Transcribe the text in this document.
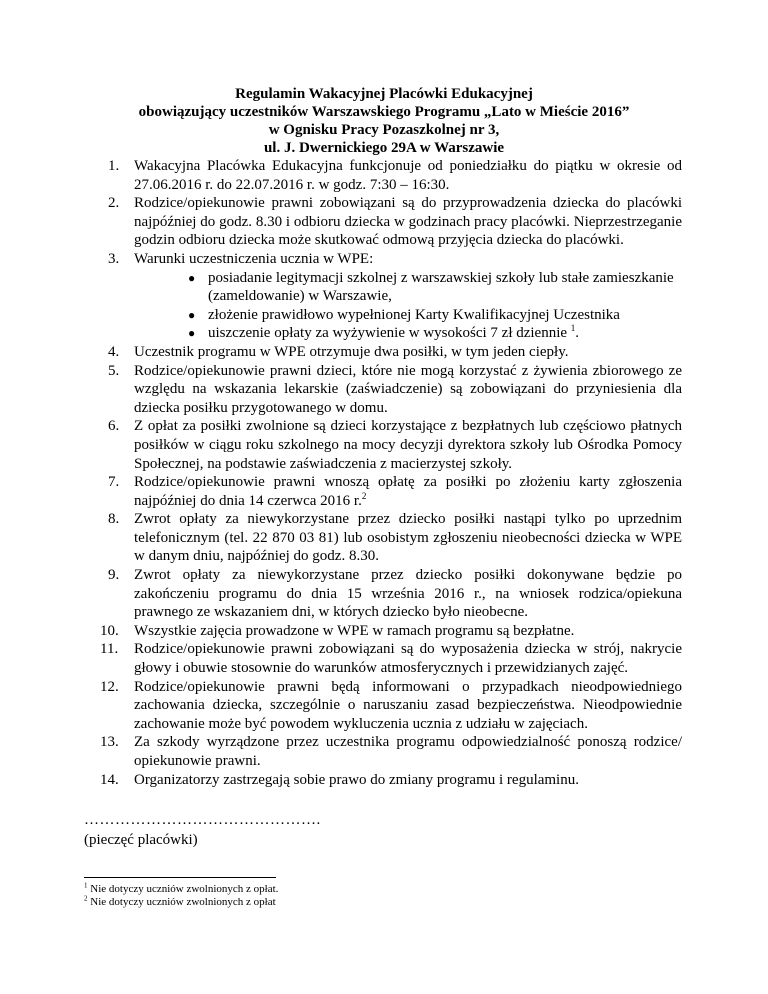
Regulamin Wakacyjnej Placówki Edukacyjnej
obowiązujący uczestników Warszawskiego Programu „Lato w Mieście 2016”
w Ognisku Pracy Pozaszkolnej nr 3,
ul. J. Dwernickiego 29A w Warszawie
1. Wakacyjna Placówka Edukacyjna funkcjonuje od poniedziałku do piątku w okresie od 27.06.2016 r. do 22.07.2016 r. w godz. 7:30 – 16:30.
2. Rodzice/opiekunowie prawni zobowiązani są do przyprowadzenia dziecka do placówki najpóźniej do godz. 8.30 i odbioru dziecka w godzinach pracy placówki. Nieprzestrzeganie godzin odbioru dziecka może skutkować odmową przyjęcia dziecka do placówki.
3. Warunki uczestniczenia ucznia w WPE:
● posiadanie legitymacji szkolnej z warszawskiej szkoły lub stałe zamieszkanie (zameldowanie) w Warszawie,
● złożenie prawidłowo wypełnionej Karty Kwalifikacyjnej Uczestnika
● uiszczenie opłaty za wyżywienie w wysokości 7 zł dziennie $^1$.
4. Uczestnik programu w WPE otrzymuje dwa posiłki, w tym jeden ciepły.
5. Rodzice/opiekunowie prawni dzieci, które nie mogą korzystać z żywienia zbiorowego ze względu na wskazania lekarskie (zaświadczenie) są zobowiązani do przyniesienia dla dziecka posiłku przygotowanego w domu.
6. Z opłat za posiłki zwolnione są dzieci korzystające z bezpłatnych lub częściowo płatnych posiłków w ciągu roku szkolnego na mocy decyzji dyrektora szkoły lub Ośrodka Pomocy Społecznej, na podstawie zaświadczenia z macierzystej szkoły.
7. Rodzice/opiekunowie prawni wnoszą opłatę za posiłki po złożeniu karty zgłoszenia najpóźniej do dnia 14 czerwca 2016 r.$^2$
8. Zwrot opłaty za niewykorzystane przez dziecko posiłki nastąpi tylko po uprzednim telefonicznym (tel. 22 870 03 81) lub osobistym zgłoszeniu nieobecności dziecka w WPE w danym dniu, najpóźniej do godz. 8.30.
9. Zwrot opłaty za niewykorzystane przez dziecko posiłki dokonywane będzie po zakończeniu programu do dnia 15 września 2016 r., na wniosek rodzica/opiekuna prawnego ze wskazaniem dni, w których dziecko było nieobecne.
10.	Wszystkie zajęcia prowadzone w WPE w ramach programu są bezpłatne.
11.	Rodzice/opiekunowie prawni zobowiązani są do wyposażenia dziecka w strój, nakrycie głowy i obuwie stosownie do warunków atmosferycznych i przewidzianych zajęć.
12.	Rodzice/opiekunowie prawni będą informowani o przypadkach nieodpowiedniego zachowania dziecka, szczególnie o naruszaniu zasad bezpieczeństwa. Nieodpowiednie zachowanie może być powodem wykluczenia ucznia z udziału w zajęciach.
13.	Za szkody wyrządzone przez uczestnika programu odpowiedzialność ponoszą rodzice/ opiekunowie prawni.
14.	Organizatorzy zastrzegają sobie prawo do zmiany programu i regulaminu.
……………………………………….
(pieczęć placówki)
$^1$ Nie dotyczy uczniów zwolnionych z opłat.
$^2$ Nie dotyczy uczniów zwolnionych z opłat
